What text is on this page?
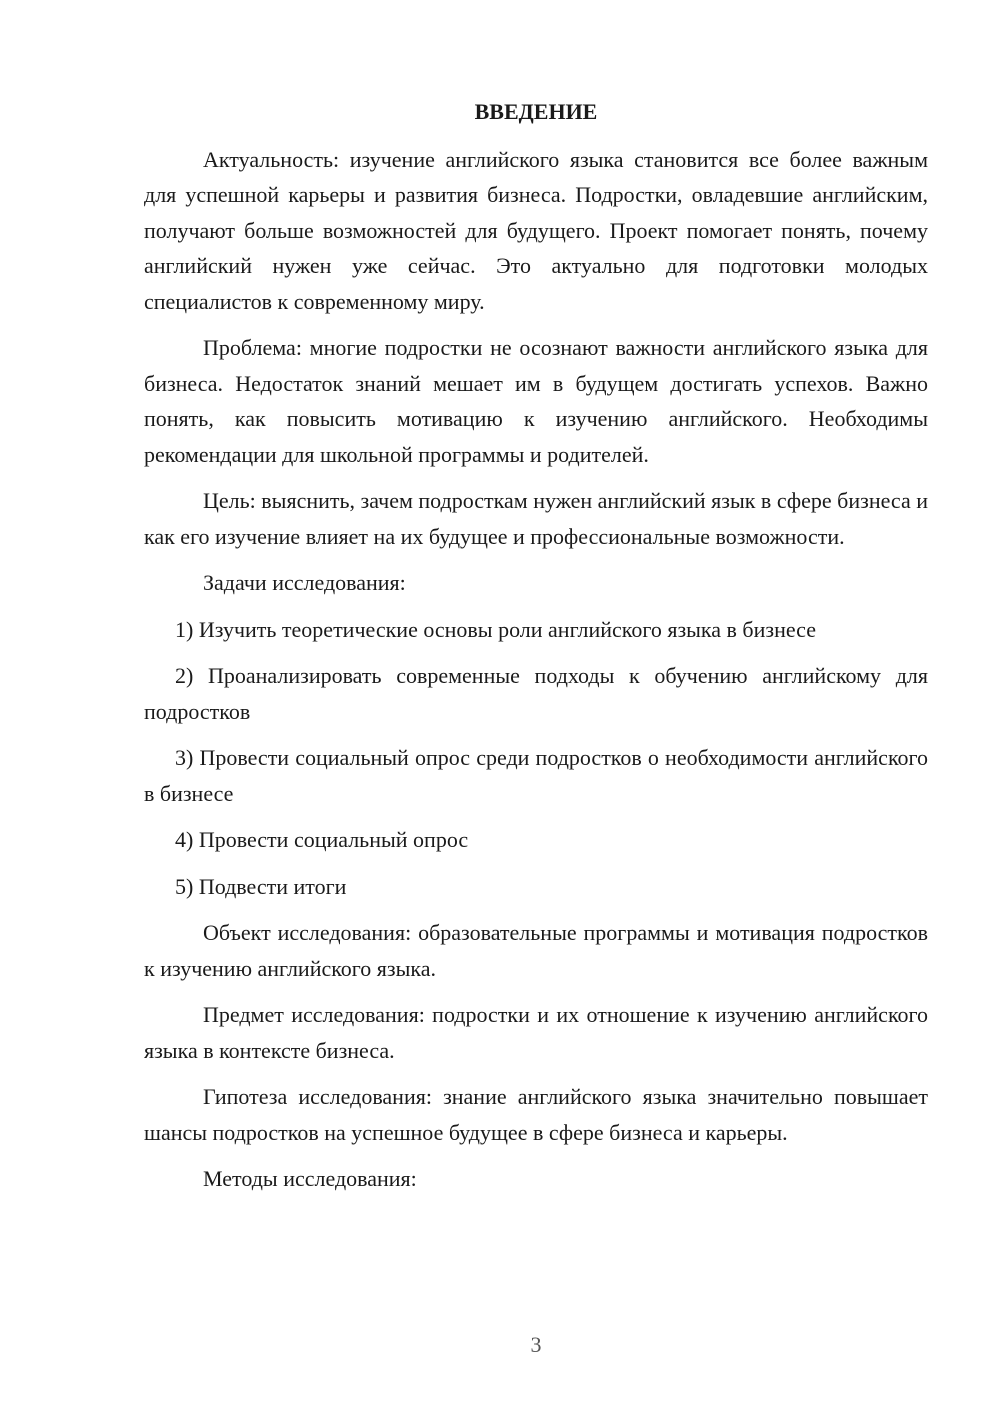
ВВЕДЕНИЕ

Актуальность: изучение английского языка становится все более важным для успешной карьеры и развития бизнеса. Подростки, овладевшие английским, получают больше возможностей для будущего. Проект помогает понять, почему английский нужен уже сейчас. Это актуально для подготовки молодых специалистов к современному миру.

Проблема: многие подростки не осознают важности английского языка для бизнеса. Недостаток знаний мешает им в будущем достигать успехов. Важно понять, как повысить мотивацию к изучению английского. Необходимы рекомендации для школьной программы и родителей.

Цель: выяснить, зачем подросткам нужен английский язык в сфере бизнеса и как его изучение влияет на их будущее и профессиональные возможности.

Задачи исследования:

1) Изучить теоретические основы роли английского языка в бизнесе

2) Проанализировать современные подходы к обучению английскому для подростков

3) Провести социальный опрос среди подростков о необходимости английского в бизнесе

4) Провести социальный опрос

5) Подвести итоги

Объект исследования: образовательные программы и мотивация подростков к изучению английского языка.

Предмет исследования: подростки и их отношение к изучению английского языка в контексте бизнеса.

Гипотеза исследования: знание английского языка значительно повышает шансы подростков на успешное будущее в сфере бизнеса и карьеры.

Методы исследования:

3
